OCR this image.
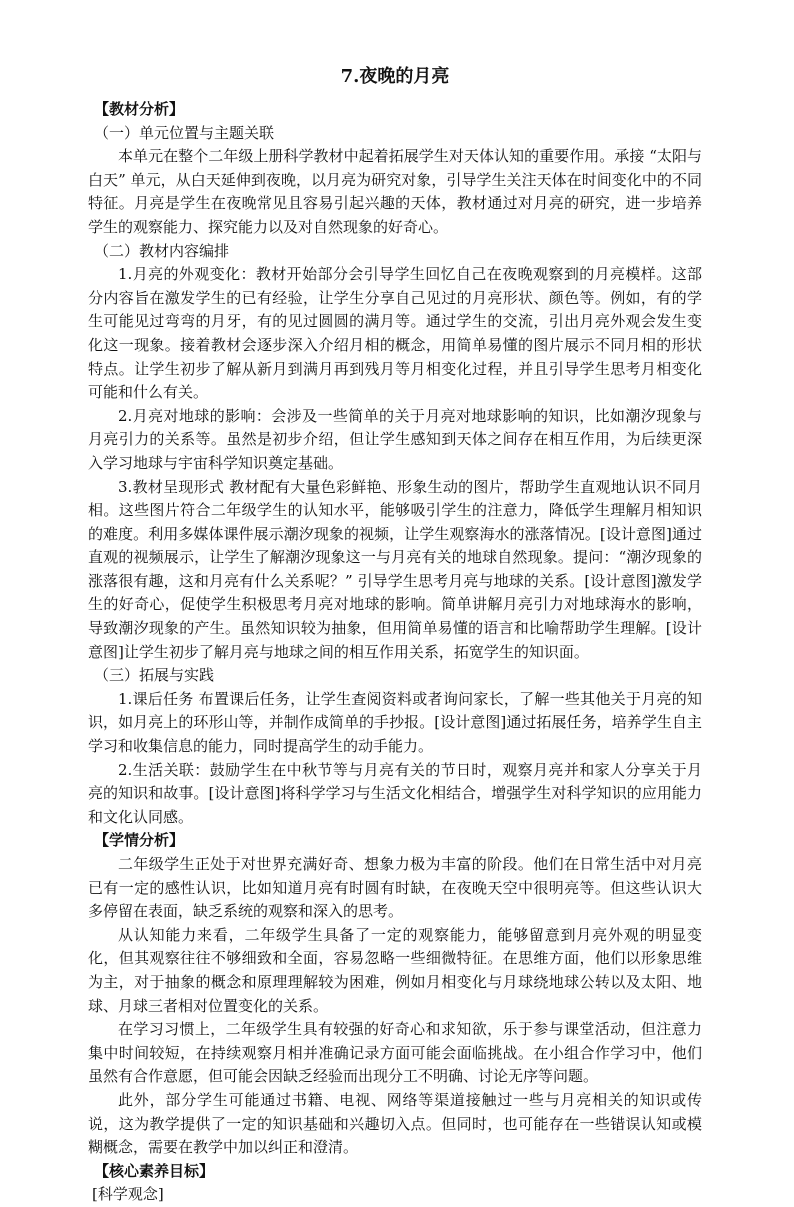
7.夜晚的月亮

【教材分析】

（一）单元位置与主题关联

本单元在整个二年级上册科学教材中起着拓展学生对天体认知的重要作用。承接 “太阳与白天” 单元，从白天延伸到夜晚，以月亮为研究对象，引导学生关注天体在时间变化中的不同特征。月亮是学生在夜晚常见且容易引起兴趣的天体，教材通过对月亮的研究，进一步培养学生的观察能力、探究能力以及对自然现象的好奇心。

（二）教材内容编排

1.月亮的外观变化：教材开始部分会引导学生回忆自己在夜晚观察到的月亮模样。这部分内容旨在激发学生的已有经验，让学生分享自己见过的月亮形状、颜色等。例如，有的学生可能见过弯弯的月牙，有的见过圆圆的满月等。通过学生的交流，引出月亮外观会发生变化这一现象。接着教材会逐步深入介绍月相的概念，用简单易懂的图片展示不同月相的形状特点。让学生初步了解从新月到满月再到残月等月相变化过程，并且引导学生思考月相变化可能和什么有关。

2.月亮对地球的影响：会涉及一些简单的关于月亮对地球影响的知识，比如潮汐现象与月亮引力的关系等。虽然是初步介绍，但让学生感知到天体之间存在相互作用，为后续更深入学习地球与宇宙科学知识奠定基础。

3.教材呈现形式 教材配有大量色彩鲜艳、形象生动的图片，帮助学生直观地认识不同月相。这些图片符合二年级学生的认知水平，能够吸引学生的注意力，降低学生理解月相知识的难度。利用多媒体课件展示潮汐现象的视频，让学生观察海水的涨落情况。[设计意图]通过直观的视频展示，让学生了解潮汐现象这一与月亮有关的地球自然现象。提问：“潮汐现象的涨落很有趣，这和月亮有什么关系呢？” 引导学生思考月亮与地球的关系。[设计意图]激发学生的好奇心，促使学生积极思考月亮对地球的影响。简单讲解月亮引力对地球海水的影响，导致潮汐现象的产生。虽然知识较为抽象，但用简单易懂的语言和比喻帮助学生理解。[设计意图]让学生初步了解月亮与地球之间的相互作用关系，拓宽学生的知识面。

（三）拓展与实践

1.课后任务 布置课后任务，让学生查阅资料或者询问家长，了解一些其他关于月亮的知识，如月亮上的环形山等，并制作成简单的手抄报。[设计意图]通过拓展任务，培养学生自主学习和收集信息的能力，同时提高学生的动手能力。

2.生活关联：鼓励学生在中秋节等与月亮有关的节日时，观察月亮并和家人分享关于月亮的知识和故事。[设计意图]将科学学习与生活文化相结合，增强学生对科学知识的应用能力和文化认同感。

【学情分析】

二年级学生正处于对世界充满好奇、想象力极为丰富的阶段。他们在日常生活中对月亮已有一定的感性认识，比如知道月亮有时圆有时缺，在夜晚天空中很明亮等。但这些认识大多停留在表面，缺乏系统的观察和深入的思考。

从认知能力来看，二年级学生具备了一定的观察能力，能够留意到月亮外观的明显变化，但其观察往往不够细致和全面，容易忽略一些细微特征。在思维方面，他们以形象思维为主，对于抽象的概念和原理理解较为困难，例如月相变化与月球绕地球公转以及太阳、地球、月球三者相对位置变化的关系。

在学习习惯上，二年级学生具有较强的好奇心和求知欲，乐于参与课堂活动，但注意力集中时间较短，在持续观察月相并准确记录方面可能会面临挑战。在小组合作学习中，他们虽然有合作意愿，但可能会因缺乏经验而出现分工不明确、讨论无序等问题。

此外，部分学生可能通过书籍、电视、网络等渠道接触过一些与月亮相关的知识或传说，这为教学提供了一定的知识基础和兴趣切入点。但同时，也可能存在一些错误认知或模糊概念，需要在教学中加以纠正和澄清。

【核心素养目标】

[科学观念]
